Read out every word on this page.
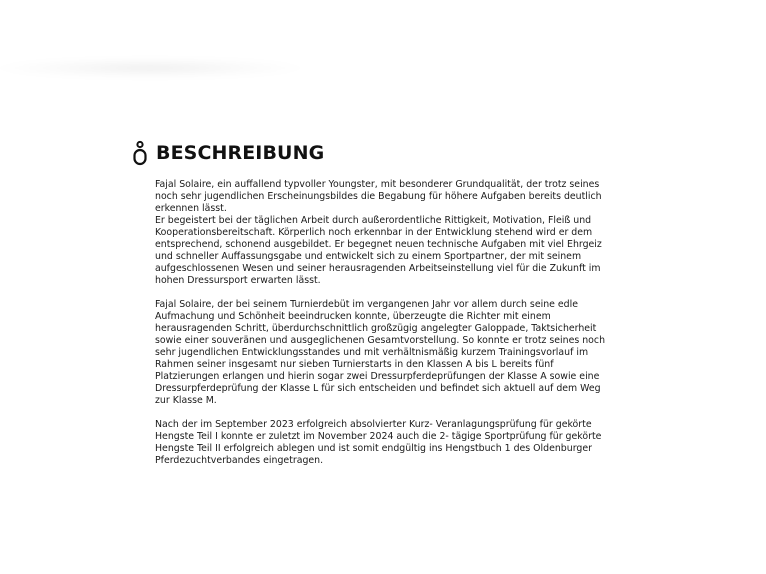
BESCHREIBUNG

Fajal Solaire, ein auffallend typvoller Youngster, mit besonderer Grundqualität, der trotz seines noch sehr jugendlichen Erscheinungsbildes die Begabung für höhere Aufgaben bereits deutlich erkennen lässt.
Er begeistert bei der täglichen Arbeit durch außerordentliche Rittigkeit, Motivation, Fleiß und Kooperationsbereitschaft. Körperlich noch erkennbar in der Entwicklung stehend wird er dem entsprechend, schonend ausgebildet. Er begegnet neuen technische Aufgaben mit viel Ehrgeiz und schneller Auffassungsgabe und entwickelt sich zu einem Sportpartner, der mit seinem aufgeschlossenen Wesen und seiner herausragenden Arbeitseinstellung viel für die Zukunft im hohen Dressursport erwarten lässt.

Fajal Solaire, der bei seinem Turnierdebüt im vergangenen Jahr vor allem durch seine edle Aufmachung und Schönheit beeindrucken konnte, überzeugte die Richter mit einem herausragenden Schritt, überdurchschnittlich großzügig angelegter Galoppade, Taktsicherheit sowie einer souveränen und ausgeglichenen Gesamtvorstellung. So konnte er trotz seines noch sehr jugendlichen Entwicklungsstandes und mit verhältnismäßig kurzem Trainingsvorlauf im Rahmen seiner insgesamt nur sieben Turnierstarts in den Klassen A bis L bereits fünf Platzierungen erlangen und hierin sogar zwei Dressurpferdeprüfungen der Klasse A sowie eine Dressurpferdeprüfung der Klasse L für sich entscheiden und befindet sich aktuell auf dem Weg zur Klasse M.

Nach der im September 2023 erfolgreich absolvierter Kurz- Veranlagungsprüfung für gekörte Hengste Teil I konnte er zuletzt im November 2024 auch die 2- tägige Sportprüfung für gekörte Hengste Teil II erfolgreich ablegen und ist somit endgültig ins Hengstbuch 1 des Oldenburger Pferdezuchtverbandes eingetragen.
